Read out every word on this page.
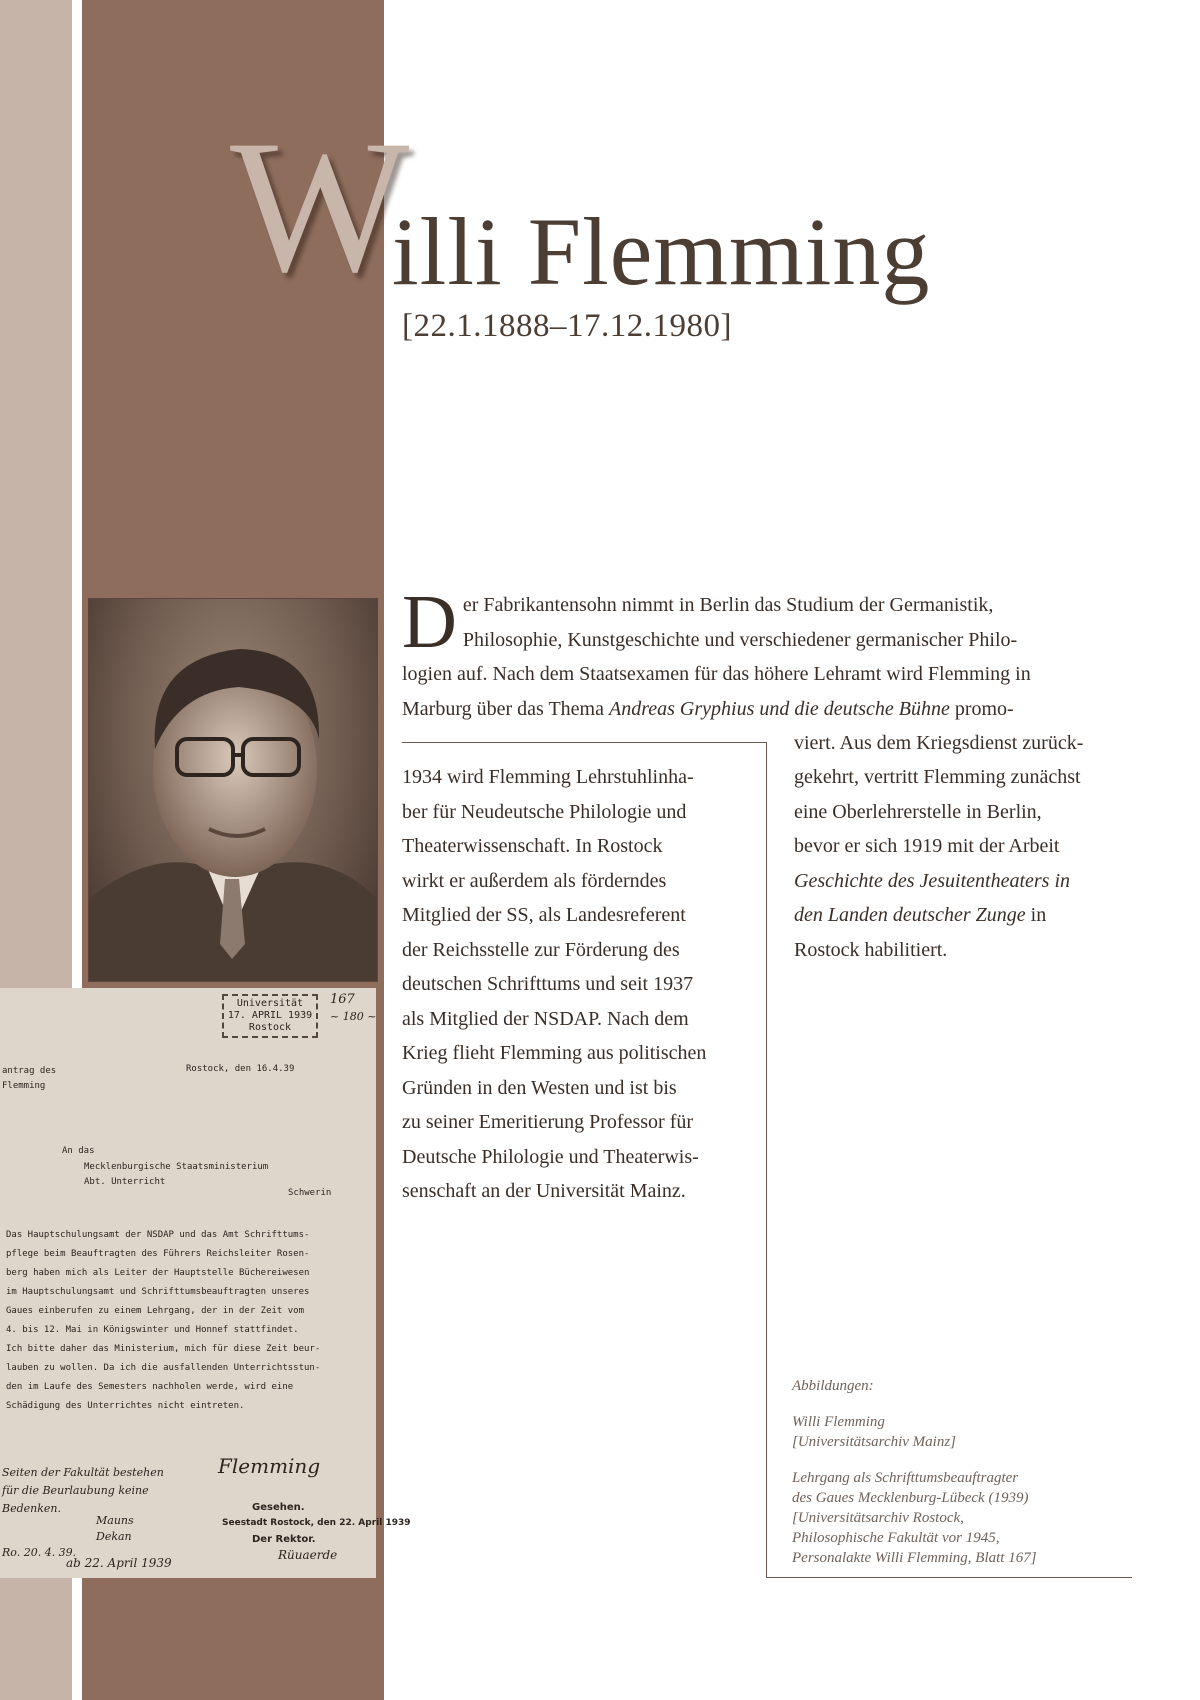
W
illi Flemming
[22.1.1888–17.12.1980]
Universität
17. APRIL 1939
Rostock
167
~ 180 ~
antrag des
Flemming
Rostock, den 16.4.39
An das
Mecklenburgische Staatsministerium
Abt. Unterricht
Schwerin
Das Hauptschulungsamt der NSDAP und das Amt Schrifttums-
pflege beim Beauftragten des Führers Reichsleiter Rosen-
berg haben mich als Leiter der Hauptstelle Büchereiwesen
im Hauptschulungsamt und Schrifttumsbeauftragten unseres
Gaues einberufen zu einem Lehrgang, der in der Zeit vom
4. bis 12. Mai in Königswinter und Honnef stattfindet.
Ich bitte daher das Ministerium, mich für diese Zeit beur-
lauben zu wollen. Da ich die ausfallenden Unterrichtsstun-
den im Laufe des Semesters nachholen werde, wird eine
Schädigung des Unterrichtes nicht eintreten.
Flemming
Seiten der Fakultät bestehen
für die Beurlaubung keine
Bedenken.
Mauns
Dekan
Ro. 20. 4. 39.
Gesehen.
Seestadt Rostock, den 22. April 1939
Der Rektor.
Rüuaerde
ab 22. April 1939
D er Fabrikantensohn nimmt in Berlin das Studium der Germanistik,
Philosophie, Kunstgeschichte und verschiedener germanischer Philo-
logien auf. Nach dem Staatsexamen für das höhere Lehramt wird Flemming in
Marburg über das Thema Andreas Gryphius und die deutsche Bühne promo-
viert. Aus dem Kriegsdienst zurück-
1934 wird Flemming Lehrstuhlinha-
ber für Neudeutsche Philologie und
Theaterwissenschaft. In Rostock
wirkt er außerdem als förderndes
Mitglied der SS, als Landesreferent
der Reichsstelle zur Förderung des
deutschen Schrifttums und seit 1937
als Mitglied der NSDAP. Nach dem
Krieg flieht Flemming aus politischen
Gründen in den Westen und ist bis
zu seiner Emeritierung Professor für
Deutsche Philologie und Theaterwis-
senschaft an der Universität Mainz.
gekehrt, vertritt Flemming zunächst
eine Oberlehrerstelle in Berlin,
bevor er sich 1919 mit der Arbeit
Geschichte des Jesuitentheaters in
den Landen deutscher Zunge in
Rostock habilitiert.

Abbildungen:

Willi Flemming
[Universitätsarchiv Mainz]

Lehrgang als Schrifttumsbeauftragter
des Gaues Mecklenburg-Lübeck (1939)
[Universitätsarchiv Rostock,
Philosophische Fakultät vor 1945,
Personalakte Willi Flemming, Blatt 167]
